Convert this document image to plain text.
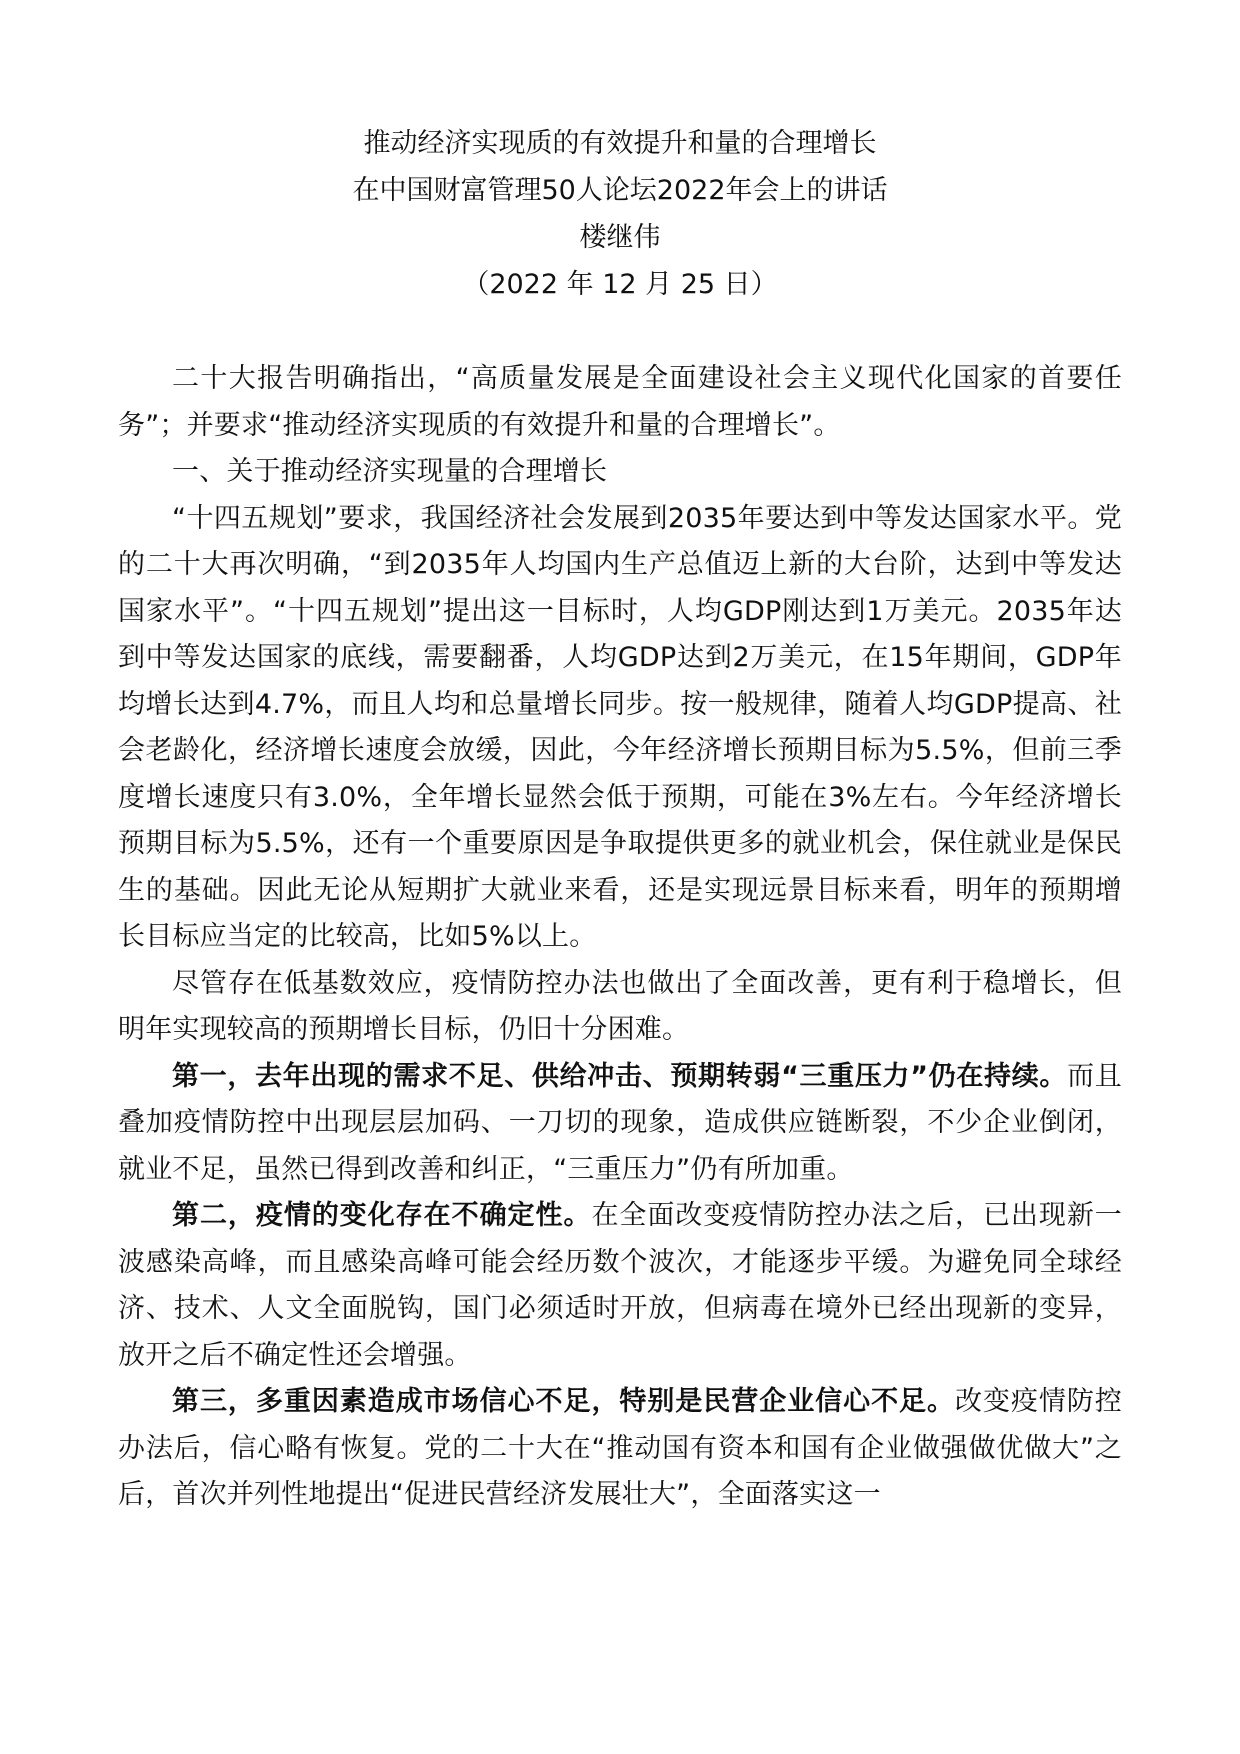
推动经济实现质的有效提升和量的合理增长
在中国财富管理50人论坛2022年会上的讲话
楼继伟
（2022 年 12 月 25 日）

二十大报告明确指出，“高质量发展是全面建设社会主义现代化国家的首要任务”；并要求“推动经济实现质的有效提升和量的合理增长”。

一、关于推动经济实现量的合理增长

“十四五规划”要求，我国经济社会发展到2035年要达到中等发达国家水平。党的二十大再次明确，“到2035年人均国内生产总值迈上新的大台阶，达到中等发达国家水平”。“十四五规划”提出这一目标时，人均GDP刚达到1万美元。2035年达到中等发达国家的底线，需要翻番，人均GDP达到2万美元，在15年期间，GDP年均增长达到4.7%，而且人均和总量增长同步。按一般规律，随着人均GDP提高、社会老龄化，经济增长速度会放缓，因此，今年经济增长预期目标为5.5%，但前三季度增长速度只有3.0%，全年增长显然会低于预期，可能在3%左右。今年经济增长预期目标为5.5%，还有一个重要原因是争取提供更多的就业机会，保住就业是保民生的基础。因此无论从短期扩大就业来看，还是实现远景目标来看，明年的预期增长目标应当定的比较高，比如5%以上。

尽管存在低基数效应，疫情防控办法也做出了全面改善，更有利于稳增长，但明年实现较高的预期增长目标，仍旧十分困难。

第一，去年出现的需求不足、供给冲击、预期转弱“三重压力”仍在持续。而且叠加疫情防控中出现层层加码、一刀切的现象，造成供应链断裂，不少企业倒闭，就业不足，虽然已得到改善和纠正，“三重压力”仍有所加重。

第二，疫情的变化存在不确定性。在全面改变疫情防控办法之后，已出现新一波感染高峰，而且感染高峰可能会经历数个波次，才能逐步平缓。为避免同全球经济、技术、人文全面脱钩，国门必须适时开放，但病毒在境外已经出现新的变异，放开之后不确定性还会增强。

第三，多重因素造成市场信心不足，特别是民营企业信心不足。改变疫情防控办法后，信心略有恢复。党的二十大在“推动国有资本和国有企业做强做优做大”之后，首次并列性地提出“促进民营经济发展壮大”，全面落实这一
